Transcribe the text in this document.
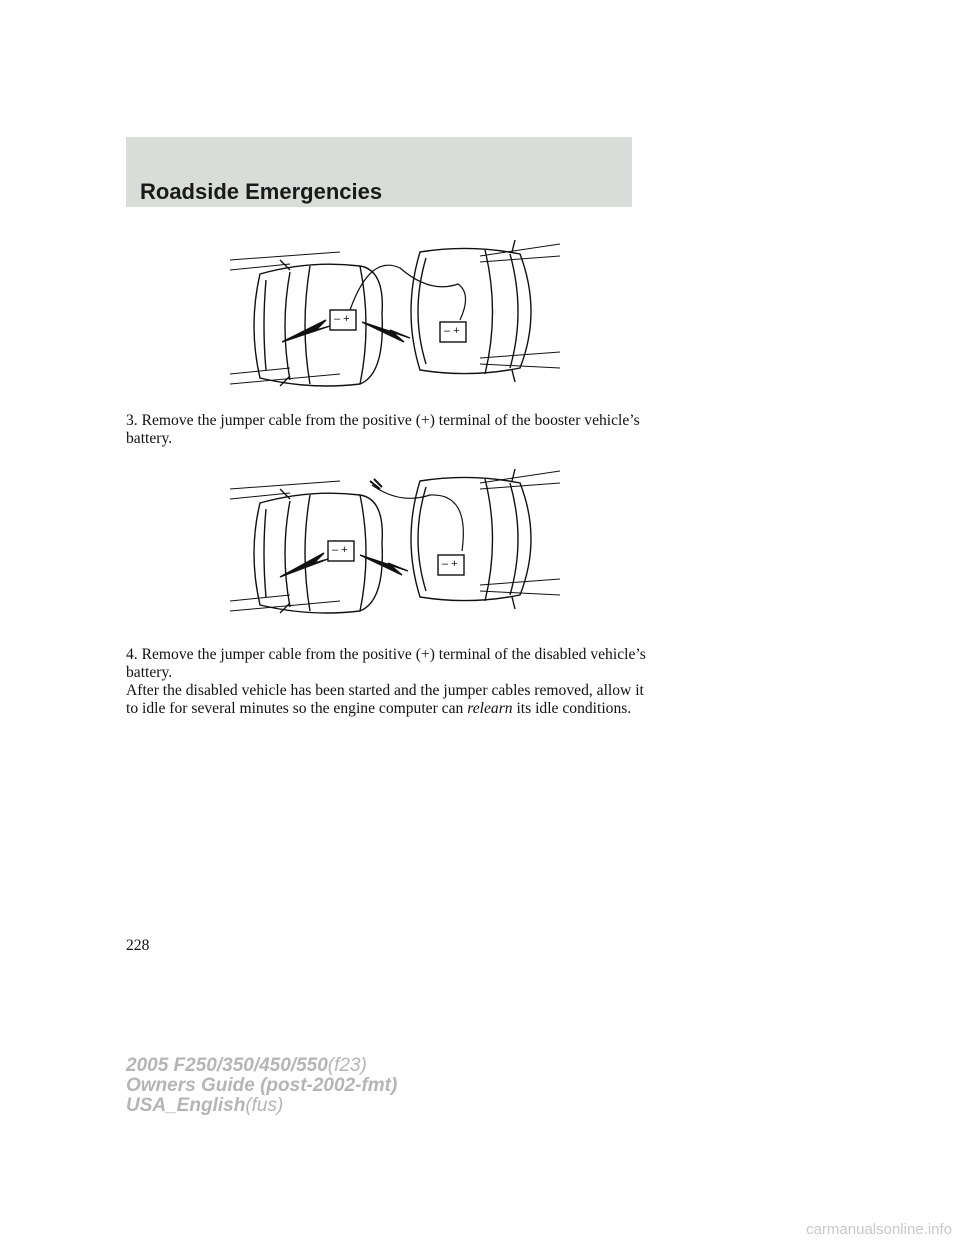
Roadside Emergencies
– +
– +

3. Remove the jumper cable from the positive (+) terminal of the booster vehicle’s battery.

– +
– +

4. Remove the jumper cable from the positive (+) terminal of the disabled vehicle’s battery.

After the disabled vehicle has been started and the jumper cables removed, allow it to idle for several minutes so the engine computer can relearn its idle conditions.

228
2005 F250/350/450/550(f23)
Owners Guide (post-2002-fmt)
USA_English(fus)
carmanualsonline.info
